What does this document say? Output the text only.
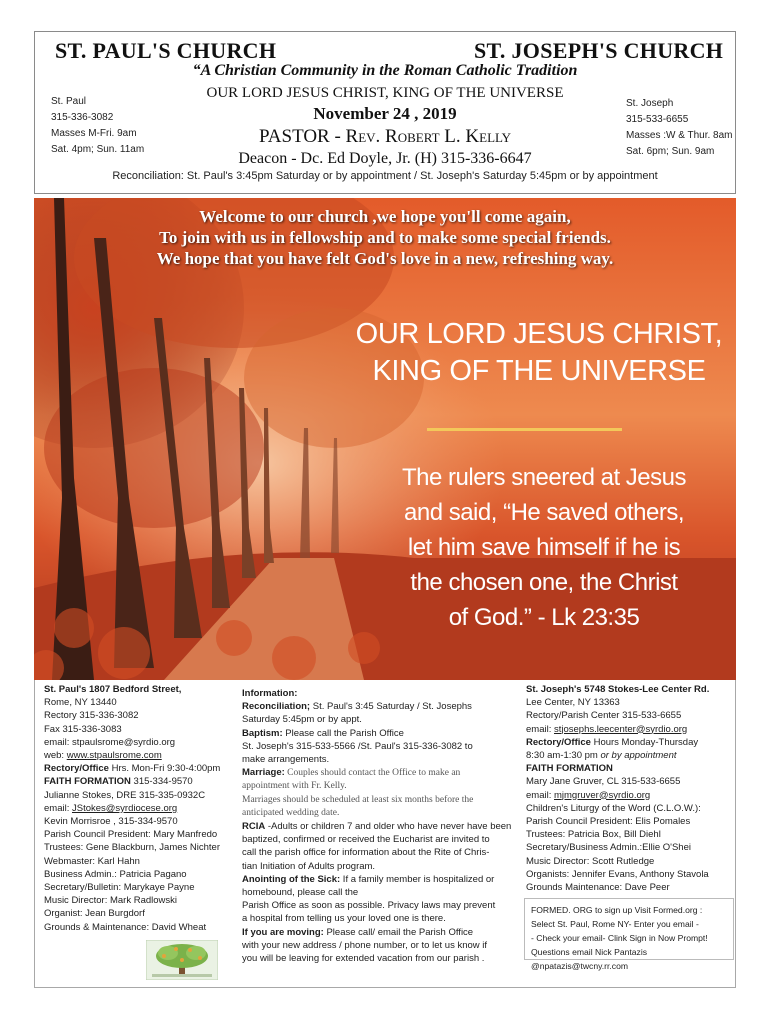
ST. PAUL'S CHURCH	ST. JOSEPH'S CHURCH
“A Christian Community in the Roman Catholic Tradition
OUR LORD JESUS CHRIST, KING OF THE UNIVERSE
November 24 , 2019
PASTOR - Rev. Robert L. Kelly
Deacon - Dc. Ed Doyle, Jr. (H) 315-336-6647
St. Paul
315-336-3082
Masses M-Fri. 9am
Sat. 4pm; Sun. 11am
St. Joseph
315-533-6655
Masses :W & Thur. 8am
Sat. 6pm; Sun. 9am
Reconciliation: St. Paul's 3:45pm Saturday or by appointment / St. Joseph's Saturday 5:45pm or by appointment
Welcome to our church ,we hope you'll come again,
To join with us in fellowship and to make some special friends.
We hope that you have felt God's love in a new, refreshing way.
OUR LORD JESUS CHRIST,
KING OF THE UNIVERSE
The rulers sneered at Jesus
and said, “He saved others,
let him save himself if he is
the chosen one, the Christ
of God.” - Lk 23:35
St. Paul's 1807 Bedford Street,
Rome, NY 13440
Rectory 315-336-3082
Fax 315-336-3083
email: stpaulsrome@syrdio.org
web: www.stpaulsrome.com
Rectory/Office Hrs. Mon-Fri 9:30-4:00pm
FAITH FORMATION 315-334-9570
Julianne Stokes, DRE 315-335-0932C
email: JStokes@syrdiocese.org
Kevin Morrisroe , 315-334-9570
Parish Council President: Mary Manfredo
Trustees: Gene Blackburn, James Nichter
Webmaster: Karl Hahn
Business Admin.: Patricia Pagano
Secretary/Bulletin: Marykaye Payne
Music Director: Mark Radlowski
Organist: Jean Burgdorf
Grounds & Maintenance: David Wheat
Information:
Reconciliation; St. Paul's 3:45 Saturday / St. Josephs
Saturday 5:45pm or by appt.
Baptism: Please call the Parish Office
St. Joseph's 315-533-5566 /St. Paul's 315-336-3082 to
make arrangements.
Marriage: Couples should contact the Office to make an
appointment with Fr. Kelly.
Marriages should be scheduled at least six months before the
anticipated wedding date.
RCIA -Adults or children 7 and older who have never have been
baptized, confirmed or received the Eucharist are invited to
call the parish office for information about the Rite of Chris-
tian Initiation of Adults program.
Anointing of the Sick: If a family member is hospitalized or
homebound, please call the
Parish Office as soon as possible. Privacy laws may prevent
a hospital from telling us your loved one is there.
If you are moving: Please call/ email the Parish Office
with your new address / phone number, or to let us know if
you will be leaving for extended vacation from our parish .
St. Joseph's 5748 Stokes-Lee Center Rd.
Lee Center, NY 13363
Rectory/Parish Center 315-533-6655
email: stjosephs.leecenter@syrdio.org
Rectory/Office Hours Monday-Thursday
8:30 am-1:30 pm or by appointment
FAITH FORMATION
Mary Jane Gruver, CL 315-533-6655
email: mjmgruver@syrdio.org
Children's Liturgy of the Word (C.L.O.W.):
Parish Council President: Elis Pomales
Trustees: Patricia Box, Bill Diehl
Secretary/Business Admin.:Ellie O'Shei
Music Director: Scott Rutledge
Organists: Jennifer Evans, Anthony Stavola
Grounds Maintenance: Dave Peer
FORMED. ORG to sign up Visit Formed.org :
Select St. Paul, Rome NY- Enter you email -
- Check your email- Clink Sign in Now Prompt!
Questions email Nick Pantazis @npatazis@twcny.rr.com
